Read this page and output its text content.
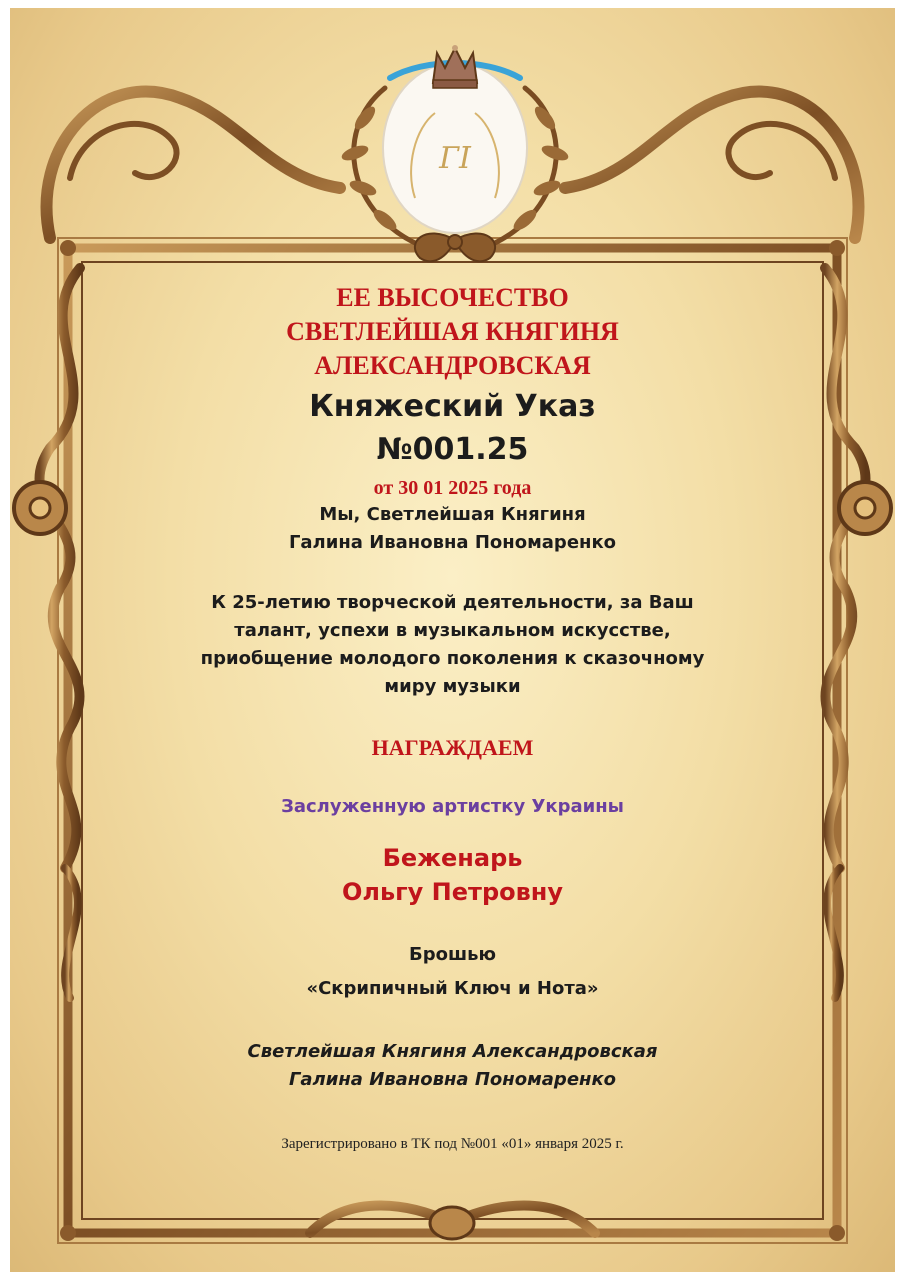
ГI
ЕЕ ВЫСОЧЕСТВО
СВЕТЛЕЙШАЯ КНЯГИНЯ
АЛЕКСАНДРОВСКАЯ
Княжеский Указ
№001.25
от 30 01 2025 года
Мы, Светлейшая Княгиня
Галина Ивановна Пономаренко
К 25-летию творческой деятельности, за Ваш
талант, успехи в музыкальном искусстве,
приобщение молодого поколения к сказочному
миру музыки
НАГРАЖДАЕМ
Заслуженную артистку Украины
Беженарь
Ольгу Петровну
Брошью
«Скрипичный Ключ и Нота»
Светлейшая Княгиня Александровская
Галина Ивановна Пономаренко
Зарегистрировано в ТК под №001 «01» января 2025 г.
